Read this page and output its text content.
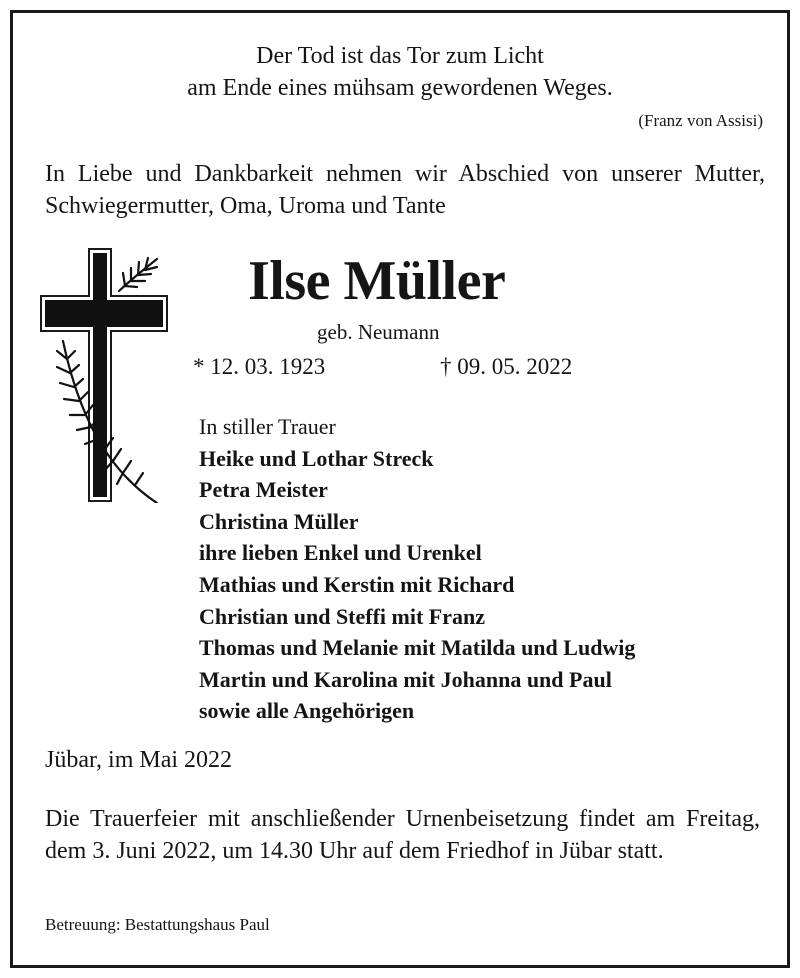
Der Tod ist das Tor zum Licht
am Ende eines mühsam gewordenen Weges.
(Franz von Assisi)
In Liebe und Dankbarkeit nehmen wir Abschied von unserer Mutter, Schwiegermutter, Oma, Uroma und Tante
Ilse Müller
geb. Neumann
* 12. 03. 1923	† 09. 05. 2022
In stiller Trauer
Heike und Lothar Streck
Petra Meister
Christina Müller
ihre lieben Enkel und Urenkel
Mathias und Kerstin mit Richard
Christian und Steffi mit Franz
Thomas und Melanie mit Matilda und Ludwig
Martin und Karolina mit Johanna und Paul
sowie alle Angehörigen
Jübar, im Mai 2022
Die Trauerfeier mit anschließender Urnenbeisetzung findet am Freitag, dem 3. Juni 2022, um 14.30 Uhr auf dem Friedhof in Jübar statt.
Betreuung: Bestattungshaus Paul
